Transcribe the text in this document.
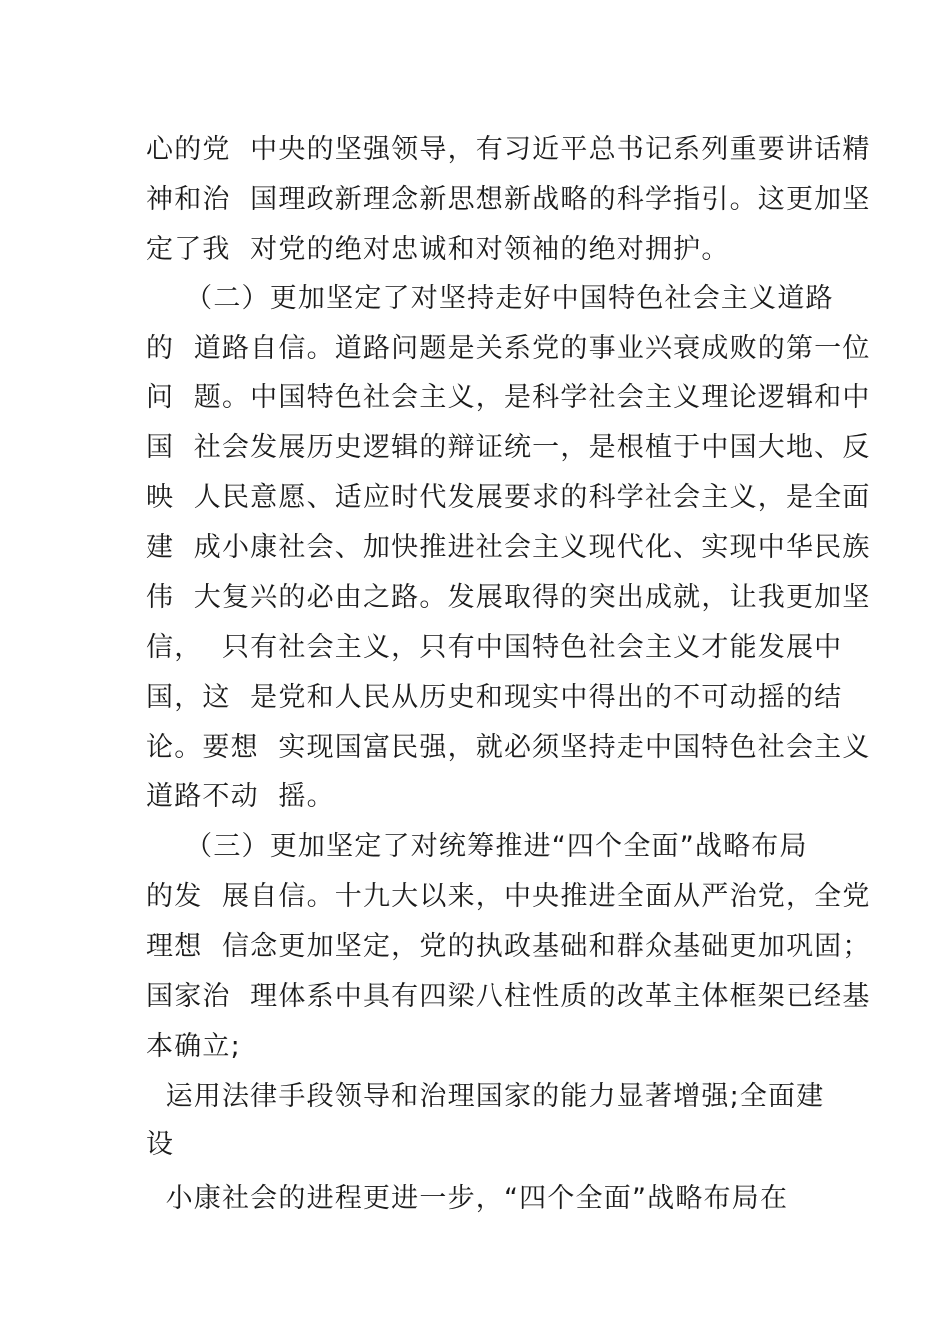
心的党  中央的坚强领导，有习近平总书记系列重要讲话精
神和治  国理政新理念新思想新战略的科学指引。这更加坚
定了我  对党的绝对忠诚和对领袖的绝对拥护。
（二）更加坚定了对坚持走好中国特色社会主义道路
的  道路自信。道路问题是关系党的事业兴衰成败的第一位
问  题。中国特色社会主义，是科学社会主义理论逻辑和中
国  社会发展历史逻辑的辩证统一，是根植于中国大地、反
映  人民意愿、适应时代发展要求的科学社会主义，是全面
建  成小康社会、加快推进社会主义现代化、实现中华民族
伟  大复兴的必由之路。发展取得的突出成就，让我更加坚
信，  只有社会主义，只有中国特色社会主义才能发展中
国，这  是党和人民从历史和现实中得出的不可动摇的结
论。要想  实现国富民强，就必须坚持走中国特色社会主义
道路不动  摇。
（三）更加坚定了对统筹推进“四个全面”战略布局
的发  展自信。十九大以来，中央推进全面从严治党，全党
理想  信念更加坚定，党的执政基础和群众基础更加巩固；
国家治  理体系中具有四梁八柱性质的改革主体框架已经基
本确立;
运用法律手段领导和治理国家的能力显著增强;全面建
设
小康社会的进程更进一步，“四个全面”战略布局在
